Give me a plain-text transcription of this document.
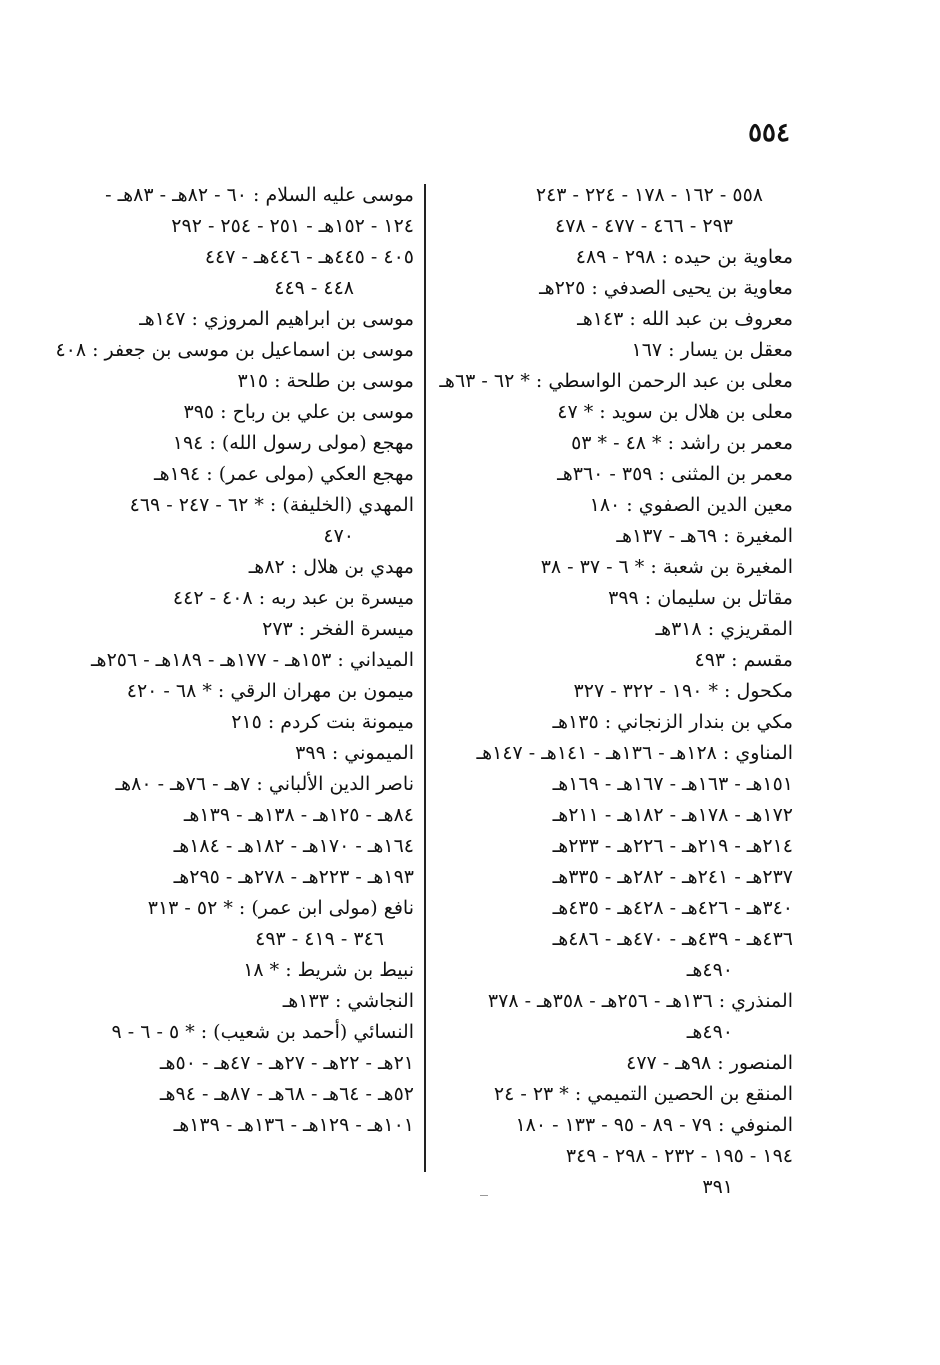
٥٥٤
٥٥٨ - ١٦٢ - ١٧٨ - ٢٢٤ - ٢٤٣
٢٩٣ - ٤٦٦ - ٤٧٧ - ٤٧٨
معاوية بن حيده : ٢٩٨ - ٤٨٩
معاوية بن يحيى الصدفي : ٢٢٥هـ
معروف بن عبد الله : ١٤٣هـ
معقل بن يسار : ١٦٧
معلى بن عبد الرحمن الواسطي : * ٦٢ - ٦٣هـ
معلى بن هلال بن سويد : * ٤٧
معمر بن راشد : * ٤٨ - * ٥٣
معمر بن المثنى : ٣٥٩ - ٣٦٠هـ
معين الدين الصفوي : ١٨٠
المغيرة : ٦٩هـ - ١٣٧هـ
المغيرة بن شعبة : * ٦ - ٣٧ - ٣٨
مقاتل بن سليمان : ٣٩٩
المقريزي : ٣١٨هـ
مقسم : ٤٩٣
مكحول : * ١٩٠ - ٣٢٢ - ٣٢٧
مكي بن بندار الزنجاني : ١٣٥هـ
المناوي : ١٢٨هـ - ١٣٦هـ - ١٤١هـ - ١٤٧هـ
١٥١هـ - ١٦٣هـ - ١٦٧هـ - ١٦٩هـ
١٧٢هـ - ١٧٨هـ - ١٨٢هـ - ٢١١هـ
٢١٤هـ - ٢١٩هـ - ٢٢٦هـ - ٢٣٣هـ
٢٣٧هـ - ٢٤١هـ - ٢٨٢هـ - ٣٣٥هـ
٣٤٠هـ - ٤٢٦هـ - ٤٢٨هـ - ٤٣٥هـ
٤٣٦هـ - ٤٣٩هـ - ٤٧٠هـ - ٤٨٦هـ
٤٩٠هـ
المنذري : ١٣٦هـ - ٢٥٦هـ - ٣٥٨هـ - ٣٧٨
٤٩٠هـ
المنصور : ٩٨هـ - ٤٧٧
المنقع بن الحصين التميمي : * ٢٣ - ٢٤
المنوفي : ٧٩ - ٨٩ - ٩٥ - ١٣٣ - ١٨٠
١٩٤ - ١٩٥ - ٢٣٢ - ٢٩٨ - ٣٤٩
٣٩١
موسى عليه السلام : ٦٠ - ٨٢هـ - ٨٣هـ -
١٢٤ - ١٥٢هـ - ٢٥١ - ٢٥٤ - ٢٩٢
٤٠٥ - ٤٤٥هـ - ٤٤٦هـ - ٤٤٧
٤٤٨ - ٤٤٩
موسى بن ابراهيم المروزي : ١٤٧هـ
موسى بن اسماعيل بن موسى بن جعفر : ٤٠٨
موسى بن طلحة : ٣١٥
موسى بن علي بن رباح : ٣٩٥
مهجع (مولى رسول الله) : ١٩٤
مهجع العكي (مولى عمر) : ١٩٤هـ
المهدي (الخليفة) : * ٦٢ - ٢٤٧ - ٤٦٩
٤٧٠
مهدي بن هلال : ٨٢هـ
ميسرة بن عبد ربه : ٤٠٨ - ٤٤٢
ميسرة الفخر : ٢٧٣
الميداني : ١٥٣هـ - ١٧٧هـ - ١٨٩هـ - ٢٥٦هـ
ميمون بن مهران الرقي : * ٦٨ - ٤٢٠
ميمونة بنت كردم : ٢١٥
الميموني : ٣٩٩
ناصر الدين الألباني : ٧هـ - ٧٦هـ - ٨٠هـ
٨٤هـ - ١٢٥هـ - ١٣٨هـ - ١٣٩هـ
١٦٤هـ - ١٧٠هـ - ١٨٢هـ - ١٨٤هـ
١٩٣هـ - ٢٢٣هـ - ٢٧٨هـ - ٢٩٥هـ
نافع (مولى ابن عمر) : * ٥٢ - ٣١٣
٣٤٦ - ٤١٩ - ٤٩٣
نبيط بن شريط : * ١٨
النجاشي : ١٣٣هـ
النسائي (أحمد بن شعيب) : * ٥ - ٦ - ٩
٢١هـ - ٢٢هـ - ٢٧هـ - ٤٧هـ - ٥٠هـ
٥٢هـ - ٦٤هـ - ٦٨هـ - ٨٧هـ - ٩٤هـ
١٠١هـ - ١٢٩هـ - ١٣٦هـ - ١٣٩هـ
